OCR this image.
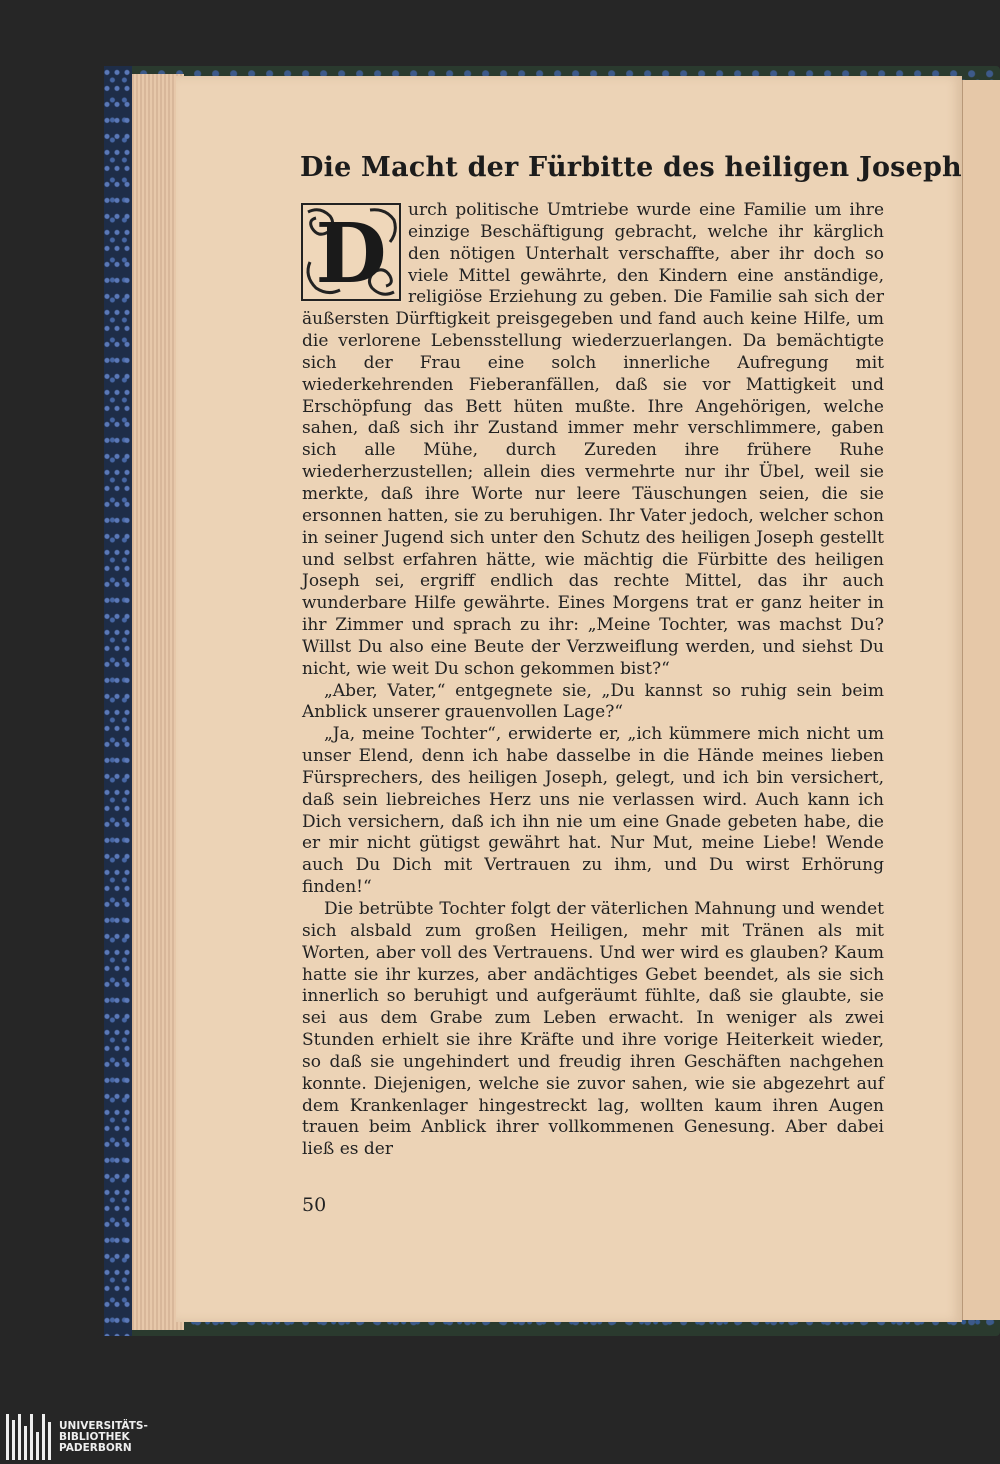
Die Macht der Fürbitte des heiligen Joseph
D	urch politische Umtriebe wurde eine Familie um ihre einzige Beschäftigung gebracht, welche ihr kärglich den nötigen Unterhalt verschaffte, aber ihr doch so viele Mittel gewährte, den Kindern eine anständige, religiöse Erziehung zu geben. Die Familie sah sich der äußersten Dürftigkeit preisgegeben und fand auch keine Hilfe, um die verlorene Lebensstellung wiederzuerlangen. Da bemächtigte sich der Frau eine solch innerliche Aufregung mit wiederkehrenden Fieberanfällen, daß sie vor Mattigkeit und Erschöpfung das Bett hüten mußte. Ihre Angehörigen, welche sahen, daß sich ihr Zustand immer mehr verschlimmere, gaben sich alle Mühe, durch Zureden ihre frühere Ruhe wiederherzustellen; allein dies vermehrte nur ihr Übel, weil sie merkte, daß ihre Worte nur leere Täuschungen seien, die sie ersonnen hatten, sie zu beruhigen. Ihr Vater jedoch, welcher schon in seiner Jugend sich unter den Schutz des heiligen Joseph gestellt und selbst erfahren hätte, wie mächtig die Fürbitte des heiligen Joseph sei, ergriff endlich das rechte Mittel, das ihr auch wunderbare Hilfe gewährte. Eines Morgens trat er ganz heiter in ihr Zimmer und sprach zu ihr: „Meine Tochter, was machst Du? Willst Du also eine Beute der Verzweiflung werden, und siehst Du nicht, wie weit Du schon gekommen bist?“

„Aber, Vater,“ entgegnete sie, „Du kannst so ruhig sein beim Anblick unserer grauenvollen Lage?“

„Ja, meine Tochter“, erwiderte er, „ich kümmere mich nicht um unser Elend, denn ich habe dasselbe in die Hände meines lieben Fürsprechers, des heiligen Joseph, gelegt, und ich bin versichert, daß sein liebreiches Herz uns nie verlassen wird. Auch kann ich Dich versichern, daß ich ihn nie um eine Gnade gebeten habe, die er mir nicht gütigst gewährt hat. Nur Mut, meine Liebe! Wende auch Du Dich mit Vertrauen zu ihm, und Du wirst Erhörung finden!“

Die betrübte Tochter folgt der väterlichen Mahnung und wendet sich alsbald zum großen Heiligen, mehr mit Tränen als mit Worten, aber voll des Vertrauens. Und wer wird es glauben? Kaum hatte sie ihr kurzes, aber andächtiges Gebet beendet, als sie sich innerlich so beruhigt und aufgeräumt fühlte, daß sie glaubte, sie sei aus dem Grabe zum Leben erwacht. In weniger als zwei Stunden erhielt sie ihre Kräfte und ihre vorige Heiterkeit wieder, so daß sie ungehindert und freudig ihren Geschäften nachgehen konnte. Diejenigen, welche sie zuvor sahen, wie sie abgezehrt auf dem Krankenlager hingestreckt lag, wollten kaum ihren Augen trauen beim Anblick ihrer vollkommenen Genesung. Aber dabei ließ es der

50
UNIVERSITÄTS-
BIBLIOTHEK
PADERBORN
